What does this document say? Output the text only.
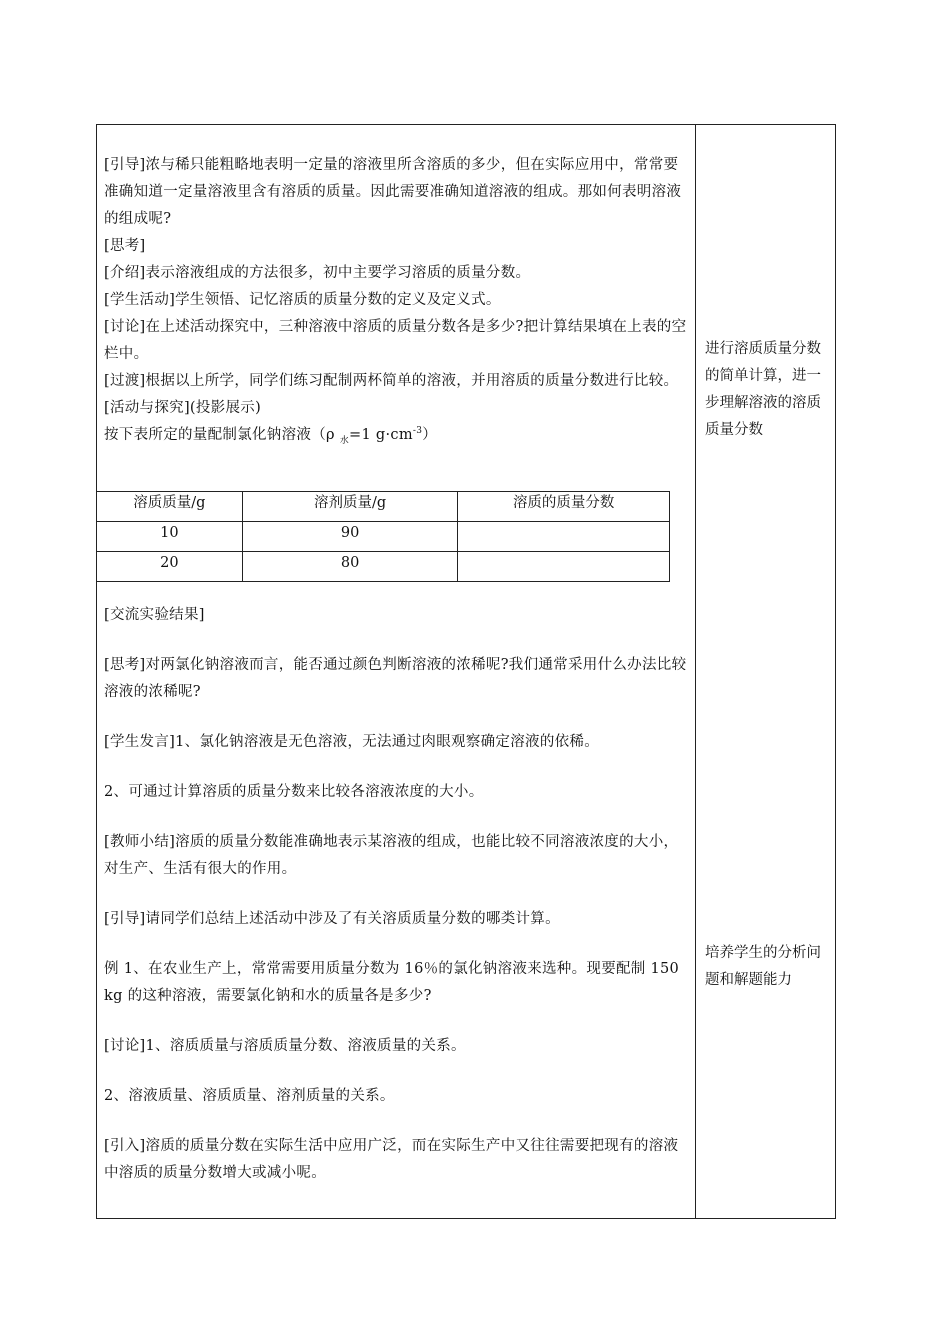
[引导]浓与稀只能粗略地表明一定量的溶液里所含溶质的多少，但在实际应用中，常常要准确知道一定量溶液里含有溶质的质量。因此需要准确知道溶液的组成。那如何表明溶液的组成呢?

[思考]

[介绍]表示溶液组成的方法很多，初中主要学习溶质的质量分数。

[学生活动]学生领悟、记忆溶质的质量分数的定义及定义式。

[讨论]在上述活动探究中，三种溶液中溶质的质量分数各是多少?把计算结果填在上表的空栏中。

[过渡]根据以上所学，同学们练习配制两杯简单的溶液，并用溶质的质量分数进行比较。

[活动与探究](投影展示)

按下表所定的量配制氯化钠溶液（ρ $_水$=1 $g\cdot cm^{-3}$）

溶质质量/g	溶剂质量/g	溶质的质量分数
10	90	
20	80	

[交流实验结果]

[思考]对两氯化钠溶液而言，能否通过颜色判断溶液的浓稀呢?我们通常采用什么办法比较溶液的浓稀呢?

[学生发言]1、氯化钠溶液是无色溶液，无法通过肉眼观察确定溶液的依稀。

2、可通过计算溶质的质量分数来比较各溶液浓度的大小。

[教师小结]溶质的质量分数能准确地表示某溶液的组成，也能比较不同溶液浓度的大小，对生产、生活有很大的作用。

[引导]请同学们总结上述活动中涉及了有关溶质质量分数的哪类计算。

例 1、在农业生产上，常常需要用质量分数为 16％的氯化钠溶液来选种。现要配制 150 kg 的这种溶液，需要氯化钠和水的质量各是多少?

[讨论]1、溶质质量与溶质质量分数、溶液质量的关系。

2、溶液质量、溶质质量、溶剂质量的关系。

[引入]溶质的质量分数在实际生活中应用广泛，而在实际生产中又往往需要把现有的溶液中溶质的质量分数增大或减小呢。

进行溶质质量分数的简单计算，进一步理解溶液的溶质质量分数

培养学生的分析问题和解题能力
